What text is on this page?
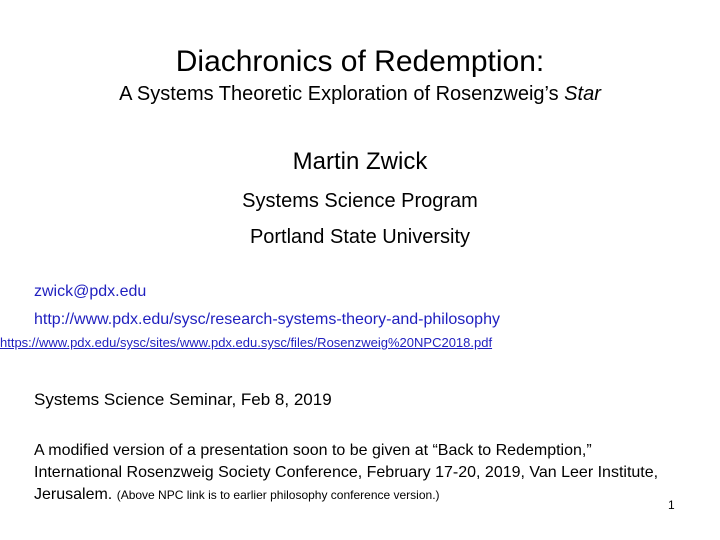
Diachronics of Redemption:
A Systems Theoretic Exploration of Rosenzweig’s Star
Martin Zwick
Systems Science Program
Portland State University
zwick@pdx.edu
http://www.pdx.edu/sysc/research-systems-theory-and-philosophy
https://www.pdx.edu/sysc/sites/www.pdx.edu.sysc/files/Rosenzweig%20NPC2018.pdf
Systems Science Seminar, Feb 8, 2019
A modified version of a presentation soon to be given at “Back to Redemption,” International Rosenzweig Society Conference, February 17-20, 2019, Van Leer Institute, Jerusalem. (Above NPC link is to earlier philosophy conference version.)
1
